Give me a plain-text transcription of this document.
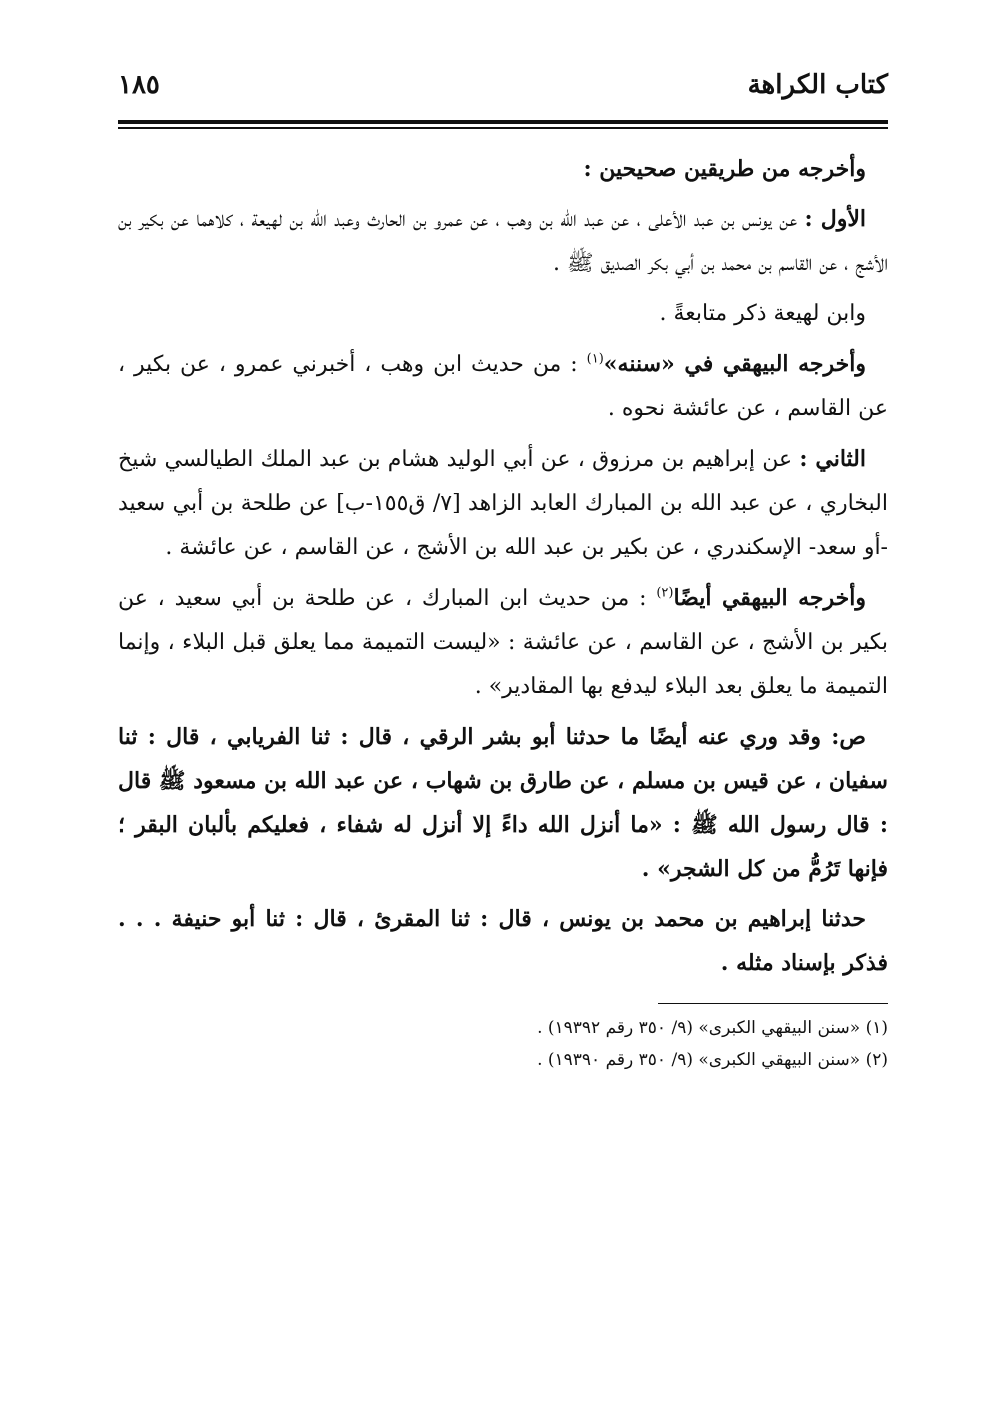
كتاب الكراهة
١٨٥

وأخرجه من طريقين صحيحين :

الأول : عن يونس بن عبد الأعلى ، عن عبد الله بن وهب ، عن عمرو بن الحارث وعبد الله بن لهيعة ، كلاهما عن بكير بن الأشج ، عن القاسم بن محمد بن أبي بكر الصديق ﷺ .

وابن لهيعة ذكر متابعةً .

وأخرجه البيهقي في «سننه»$^{(١)}$ : من حديث ابن وهب ، أخبرني عمرو ، عن بكير ، عن القاسم ، عن عائشة نحوه .

الثاني : عن إبراهيم بن مرزوق ، عن أبي الوليد هشام بن عبد الملك الطيالسي شيخ البخاري ، عن عبد الله بن المبارك العابد الزاهد [٧/ ق١٥٥-ب] عن طلحة بن أبي سعيد -أو سعد- الإسكندري ، عن بكير بن عبد الله بن الأشج ، عن القاسم ، عن عائشة .

وأخرجه البيهقي أيضًا$^{(٢)}$ : من حديث ابن المبارك ، عن طلحة بن أبي سعيد ، عن بكير بن الأشج ، عن القاسم ، عن عائشة : «ليست التميمة مما يعلق قبل البلاء ، وإنما التميمة ما يعلق بعد البلاء ليدفع بها المقادير» .

ص: وقد وري عنه أيضًا ما حدثنا أبو بشر الرقي ، قال : ثنا الفريابي ، قال : ثنا سفيان ، عن قيس بن مسلم ، عن طارق بن شهاب ، عن عبد الله بن مسعود ﷺ قال : قال رسول الله ﷺ : «ما أنزل الله داءً إلا أنزل له شفاء ، فعليكم بألبان البقر ؛ فإنها تَرُمُّ من كل الشجر» .

حدثنا إبراهيم بن محمد بن يونس ، قال : ثنا المقرئ ، قال : ثنا أبو حنيفة . . . فذكر بإسناد مثله .

(١) «سنن البيقهي الكبرى» (٩/ ٣٥٠ رقم ١٩٣٩٢) .
(٢) «سنن البيهقي الكبرى» (٩/ ٣٥٠ رقم ١٩٣٩٠) .
